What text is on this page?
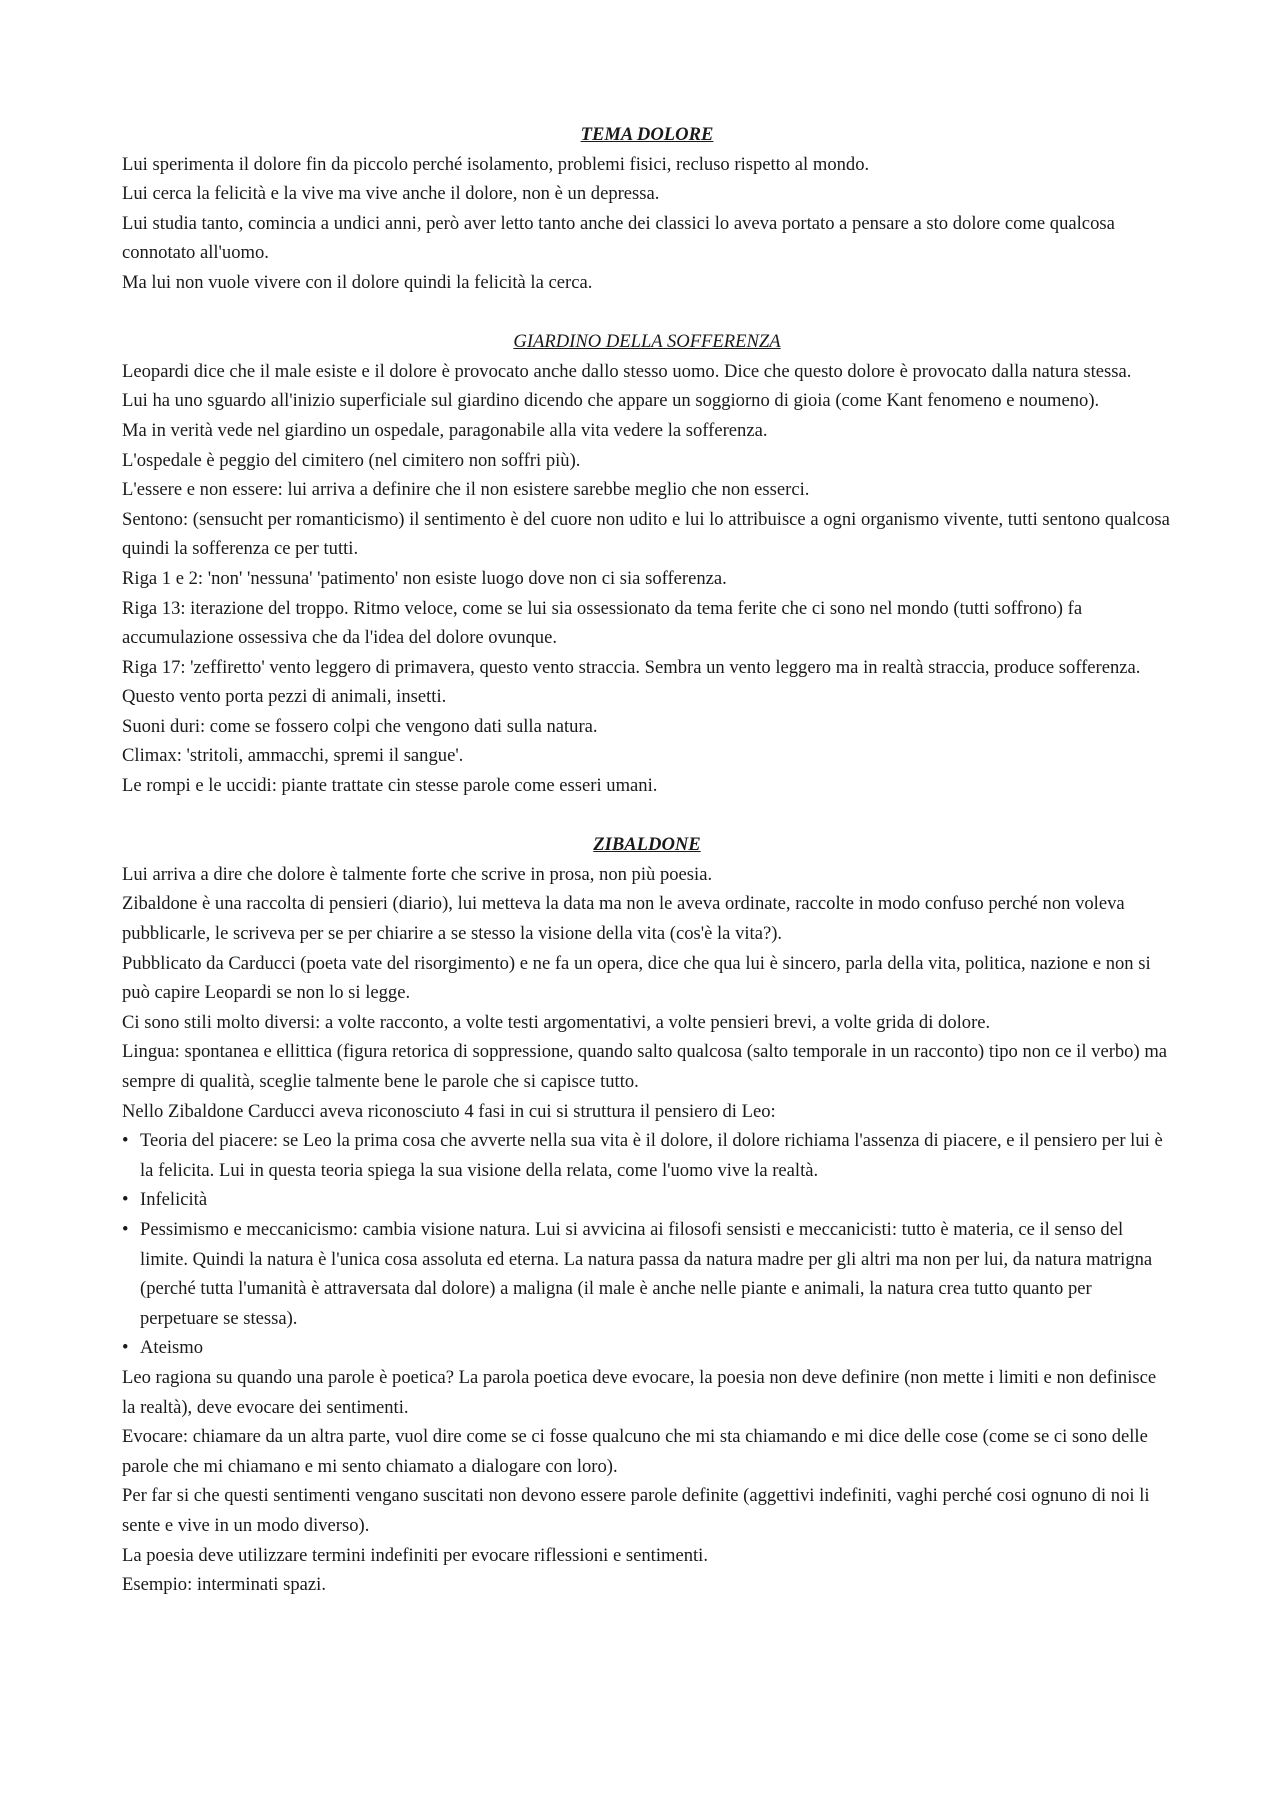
TEMA DOLORE

Lui sperimenta il dolore fin da piccolo perché isolamento, problemi fisici, recluso rispetto al mondo.

Lui cerca la felicità e la vive ma vive anche il dolore, non è un depressa.

Lui studia tanto, comincia a undici anni, però aver letto tanto anche dei classici lo aveva portato a pensare a sto dolore come qualcosa connotato all'uomo.

Ma lui non vuole vivere con il dolore quindi la felicità la cerca.

GIARDINO DELLA SOFFERENZA

Leopardi dice che il male esiste e il dolore è provocato anche dallo stesso uomo. Dice che questo dolore è provocato dalla natura stessa.

Lui ha uno sguardo all'inizio superficiale sul giardino dicendo che appare un soggiorno di gioia (come Kant fenomeno e noumeno).

Ma in verità vede nel giardino un ospedale, paragonabile alla vita vedere la sofferenza.

L'ospedale è peggio del cimitero (nel cimitero non soffri più).

L'essere e non essere: lui arriva a definire che il non esistere sarebbe meglio che non esserci.

Sentono: (sensucht per romanticismo) il sentimento è del cuore non udito e lui lo attribuisce a ogni organismo vivente, tutti sentono qualcosa quindi la sofferenza ce per tutti.

Riga 1 e 2: 'non' 'nessuna' 'patimento' non esiste luogo dove non ci sia sofferenza.

Riga 13: iterazione del troppo. Ritmo veloce, come se lui sia ossessionato da tema ferite che ci sono nel mondo (tutti soffrono) fa accumulazione ossessiva che da l'idea del dolore ovunque.

Riga 17: 'zeffiretto' vento leggero di primavera, questo vento straccia. Sembra un vento leggero ma in realtà straccia, produce sofferenza. Questo vento porta pezzi di animali, insetti.

Suoni duri: come se fossero colpi che vengono dati sulla natura.

Climax: 'stritoli, ammacchi, spremi il sangue'.

Le rompi e le uccidi: piante trattate cin stesse parole come esseri umani.

ZIBALDONE

Lui arriva a dire che dolore è talmente forte che scrive in prosa, non più poesia.

Zibaldone è una raccolta di pensieri (diario), lui metteva la data ma non le aveva ordinate, raccolte in modo confuso perché non voleva pubblicarle, le scriveva per se per chiarire a se stesso la visione della vita (cos'è la vita?).

Pubblicato da Carducci (poeta vate del risorgimento) e ne fa un opera, dice che qua lui è sincero, parla della vita, politica, nazione e non si può capire Leopardi se non lo si legge.

Ci sono stili molto diversi: a volte racconto, a volte testi argomentativi, a volte pensieri brevi, a volte grida di dolore.

Lingua: spontanea e ellittica (figura retorica di soppressione, quando salto qualcosa (salto temporale in un racconto) tipo non ce il verbo) ma sempre di qualità, sceglie talmente bene le parole che si capisce tutto.

Nello Zibaldone Carducci aveva riconosciuto 4 fasi in cui si struttura il pensiero di Leo:

• Teoria del piacere: se Leo la prima cosa che avverte nella sua vita è il dolore, il dolore richiama l'assenza di piacere, e il pensiero per lui è la felicita. Lui in questa teoria spiega la sua visione della relata, come l'uomo vive la realtà.
• Infelicità
• Pessimismo e meccanicismo: cambia visione natura. Lui si avvicina ai filosofi sensisti e meccanicisti: tutto è materia, ce il senso del limite. Quindi la natura è l'unica cosa assoluta ed eterna. La natura passa da natura madre per gli altri ma non per lui, da natura matrigna (perché tutta l'umanità è attraversata dal dolore) a maligna (il male è anche nelle piante e animali, la natura crea tutto quanto per perpetuare se stessa).
• Ateismo

Leo ragiona su quando una parole è poetica? La parola poetica deve evocare, la poesia non deve definire (non mette i limiti e non definisce la realtà), deve evocare dei sentimenti.

Evocare: chiamare da un altra parte, vuol dire come se ci fosse qualcuno che mi sta chiamando e mi dice delle cose (come se ci sono delle parole che mi chiamano e mi sento chiamato a dialogare con loro).

Per far si che questi sentimenti vengano suscitati non devono essere parole definite (aggettivi indefiniti, vaghi perché cosi ognuno di noi li sente e vive in un modo diverso).

La poesia deve utilizzare termini indefiniti per evocare riflessioni e sentimenti.

Esempio: interminati spazi.
